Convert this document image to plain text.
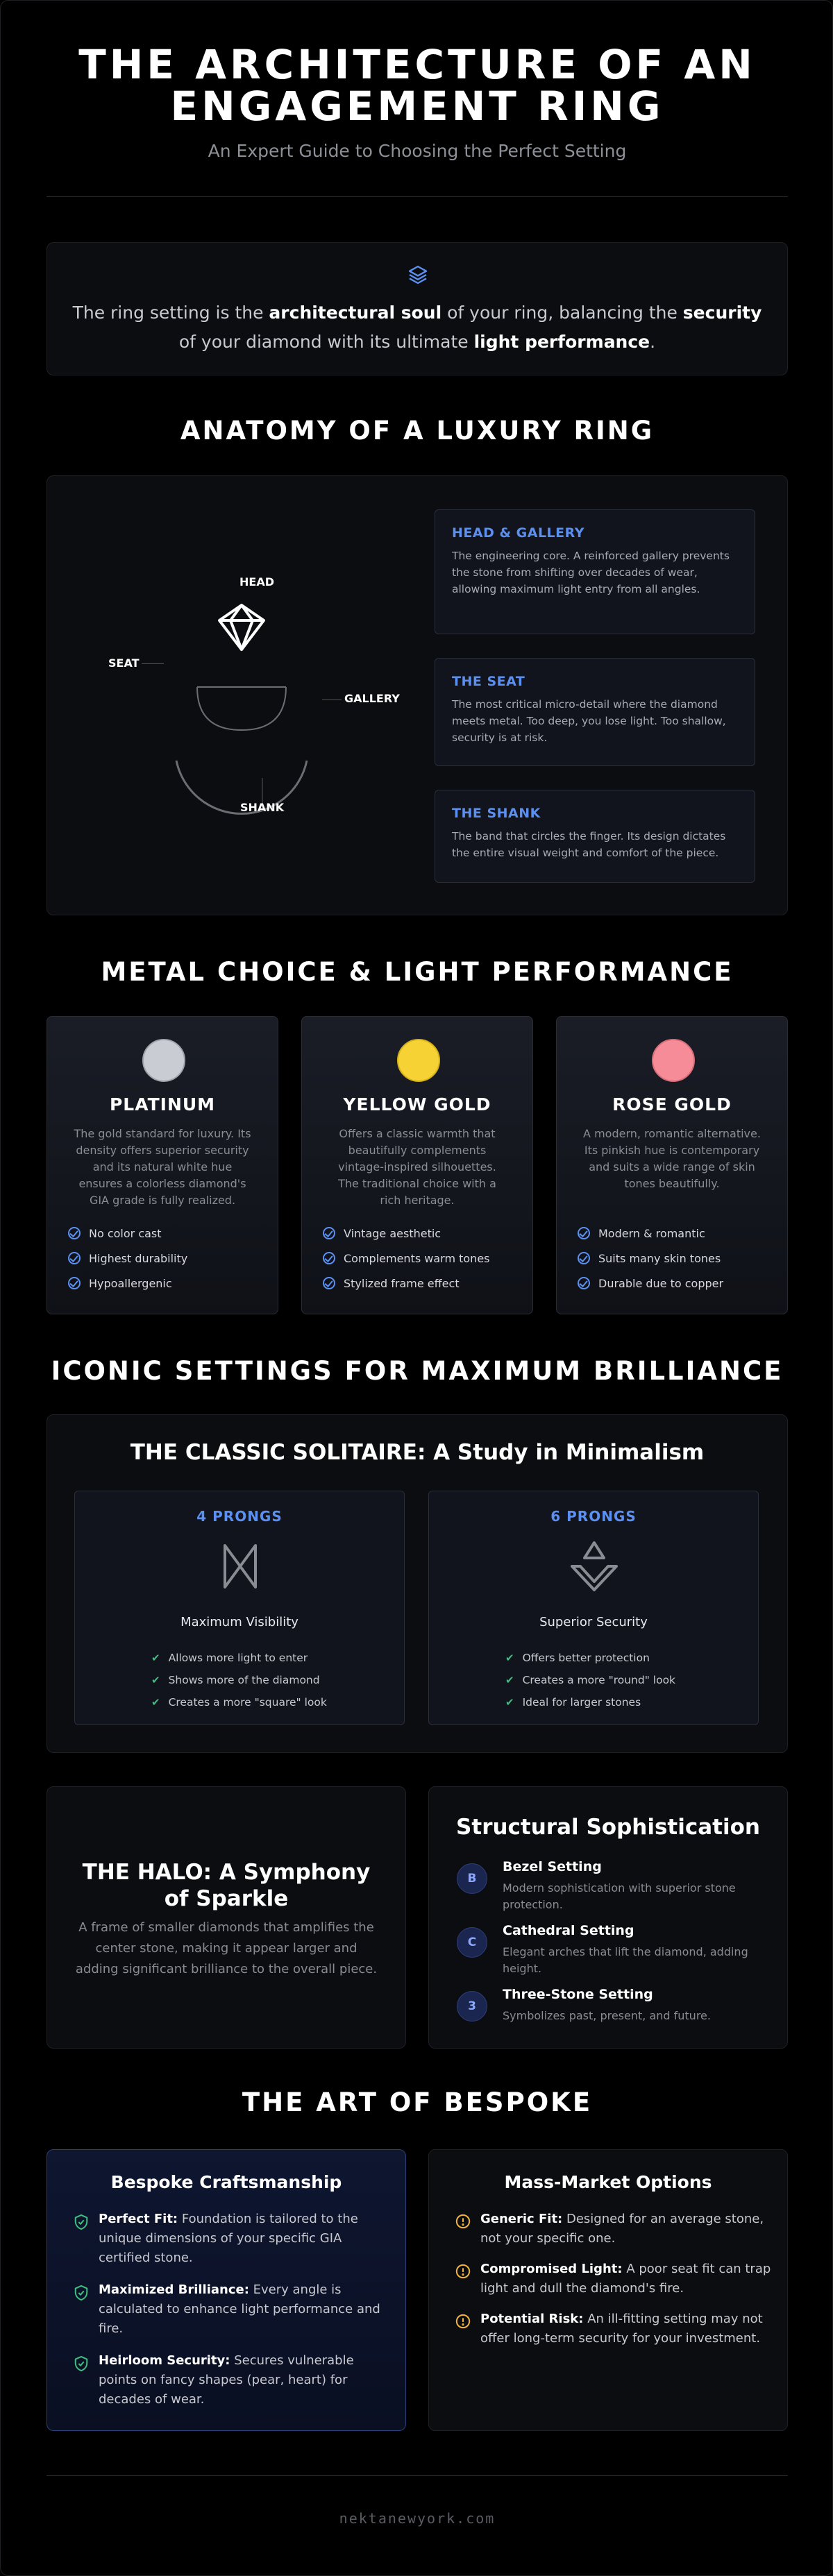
THE ARCHITECTURE OF AN
ENGAGEMENT RING
An Expert Guide to Choosing the Perfect Setting
The ring setting is the architectural soul of your ring, balancing the security of your diamond with its ultimate light performance.
ANATOMY OF A LUXURY RING
HEAD
SEAT
GALLERY
SHANK
HEAD & GALLERY

The engineering core. A reinforced gallery prevents the stone from shifting over decades of wear, allowing maximum light entry from all angles.

THE SEAT

The most critical micro-detail where the diamond meets metal. Too deep, you lose light. Too shallow, security is at risk.

THE SHANK

The band that circles the finger. Its design dictates the entire visual weight and comfort of the piece.

METAL CHOICE & LIGHT PERFORMANCE
PLATINUM
The gold standard for luxury. Its density offers superior security and its natural white hue ensures a colorless diamond's GIA grade is fully realized.
No color cast
Highest durability
Hypoallergenic
YELLOW GOLD
Offers a classic warmth that beautifully complements vintage-inspired silhouettes. The traditional choice with a rich heritage.
Vintage aesthetic
Complements warm tones
Stylized frame effect
ROSE GOLD
A modern, romantic alternative. Its pinkish hue is contemporary and suits a wide range of skin tones beautifully.
Modern & romantic
Suits many skin tones
Durable due to copper
ICONIC SETTINGS FOR MAXIMUM BRILLIANCE
THE CLASSIC SOLITAIRE: A Study in Minimalism
4 PRONGS
Maximum Visibility
✔ Allows more light to enter
✔ Shows more of the diamond
✔ Creates a more "square" look
6 PRONGS
Superior Security
✔ Offers better protection
✔ Creates a more "round" look
✔ Ideal for larger stones
THE HALO: A Symphony of Sparkle
A frame of smaller diamonds that amplifies the center stone, making it appear larger and adding significant brilliance to the overall piece.
Structural Sophistication
B
Bezel Setting

Modern sophistication with superior stone protection.

C
Cathedral Setting

Elegant arches that lift the diamond, adding height.

3
Three-Stone Setting

Symbolizes past, present, and future.

THE ART OF BESPOKE
Bespoke Craftsmanship

Perfect Fit: Foundation is tailored to the unique dimensions of your specific GIA certified stone.

Maximized Brilliance: Every angle is calculated to enhance light performance and fire.

Heirloom Security: Secures vulnerable points on fancy shapes (pear, heart) for decades of wear.

Mass-Market Options

Generic Fit: Designed for an average stone, not your specific one.

Compromised Light: A poor seat fit can trap light and dull the diamond's fire.

Potential Risk: An ill-fitting setting may not offer long-term security for your investment.

nektanewyork.com
